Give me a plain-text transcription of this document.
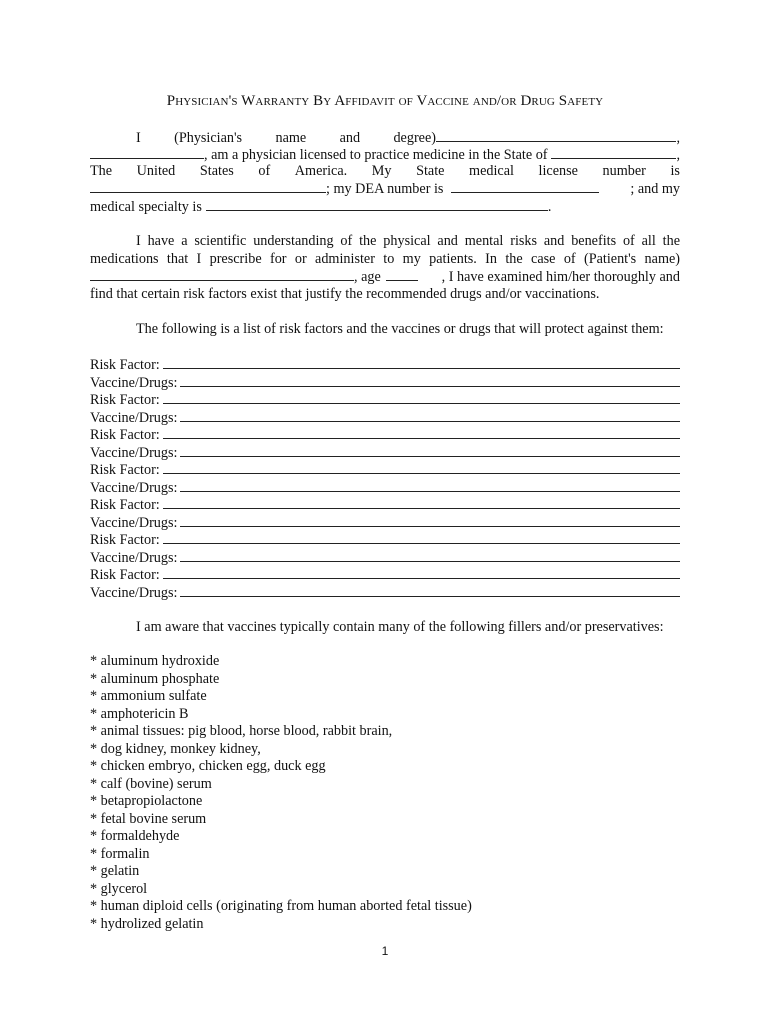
Physician's Warranty By Affidavit of Vaccine and/or Drug Safety
I (Physician's name and degree)	,
, am a physician licensed to practice medicine in the State of	,
The United States of America. My State medical license number is
; my DEA number is	; and my
medical specialty is	.
I have a scientific understanding of the physical and mental risks and benefits of all the
medications that I prescribe for or administer to my patients. In the case of (Patient's name)
, age	, I have examined him/her thoroughly and
find that certain risk factors exist that justify the recommended drugs and/or vaccinations.
The following is a list of risk factors and the vaccines or drugs that will protect against them:
Risk Factor:
Vaccine/Drugs:
Risk Factor:
Vaccine/Drugs:
Risk Factor:
Vaccine/Drugs:
Risk Factor:
Vaccine/Drugs:
Risk Factor:
Vaccine/Drugs:
Risk Factor:
Vaccine/Drugs:
Risk Factor:
Vaccine/Drugs:
I am aware that vaccines typically contain many of the following fillers and/or preservatives:
* aluminum hydroxide
* aluminum phosphate
* ammonium sulfate
* amphotericin B
* animal tissues: pig blood, horse blood, rabbit brain,
* dog kidney, monkey kidney,
* chicken embryo, chicken egg, duck egg
* calf (bovine) serum
* betapropiolactone
* fetal bovine serum
* formaldehyde
* formalin
* gelatin
* glycerol
* human diploid cells (originating from human aborted fetal tissue)
* hydrolized gelatin
1
